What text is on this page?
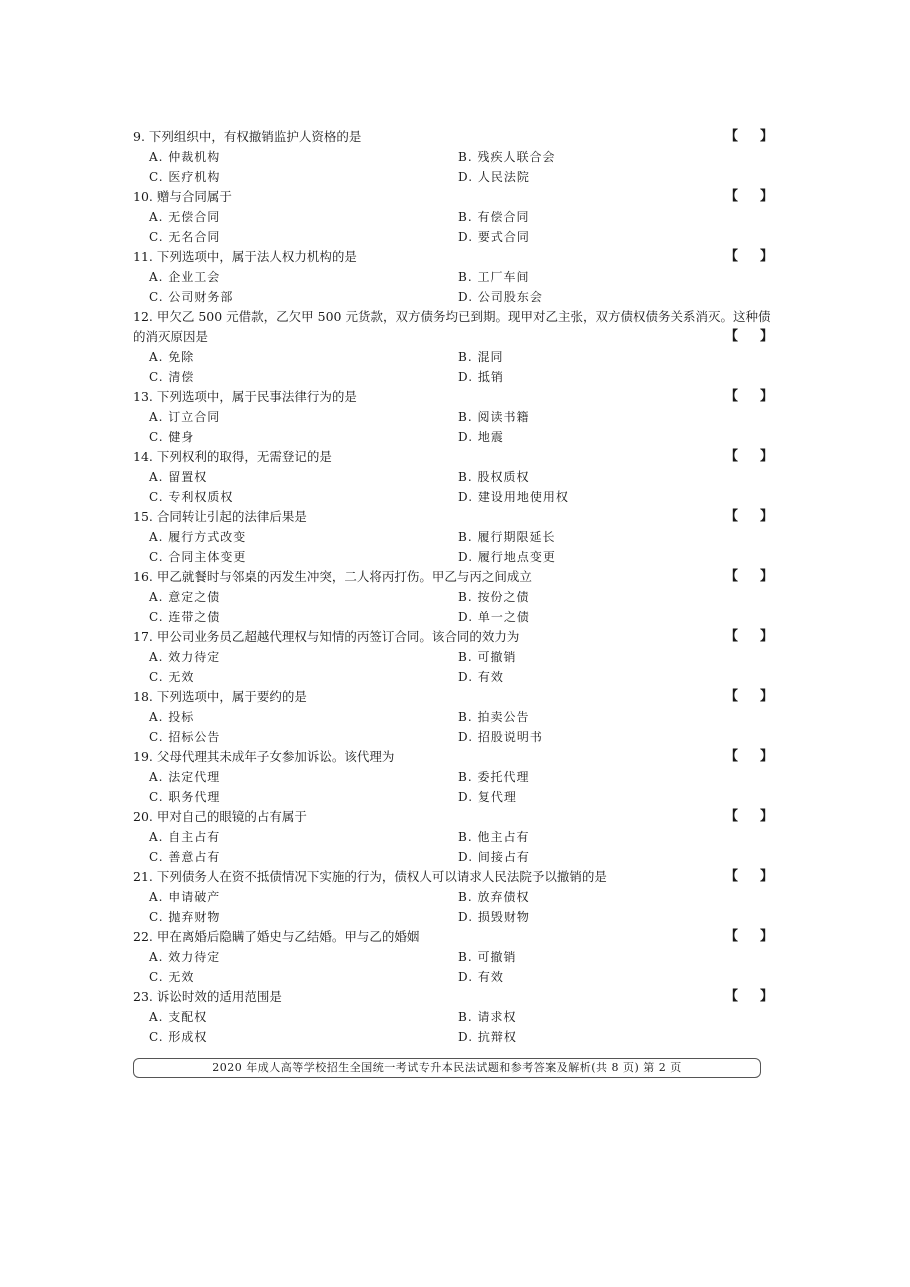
9. 下列组织中，有权撤销监护人资格的是	【 】
A. 仲裁机构	B. 残疾人联合会
C. 医疗机构	D. 人民法院
10. 赠与合同属于	【 】
A. 无偿合同	B. 有偿合同
C. 无名合同	D. 要式合同
11. 下列选项中，属于法人权力机构的是	【 】
A. 企业工会	B. 工厂车间
C. 公司财务部	D. 公司股东会
12. 甲欠乙 500 元借款，乙欠甲 500 元货款，双方债务均已到期。现甲对乙主张，双方债权债务关系消灭。这种债的消灭原因是	【 】
A. 免除	B. 混同
C. 清偿	D. 抵销
13. 下列选项中，属于民事法律行为的是	【 】
A. 订立合同	B. 阅读书籍
C. 健身	D. 地震
14. 下列权利的取得，无需登记的是	【 】
A. 留置权	B. 股权质权
C. 专利权质权	D. 建设用地使用权
15. 合同转让引起的法律后果是	【 】
A. 履行方式改变	B. 履行期限延长
C. 合同主体变更	D. 履行地点变更
16. 甲乙就餐时与邻桌的丙发生冲突，二人将丙打伤。甲乙与丙之间成立	【 】
A. 意定之债	B. 按份之债
C. 连带之债	D. 单一之债
17. 甲公司业务员乙超越代理权与知情的丙签订合同。该合同的效力为	【 】
A. 效力待定	B. 可撤销
C. 无效	D. 有效
18. 下列选项中，属于要约的是	【 】
A. 投标	B. 拍卖公告
C. 招标公告	D. 招股说明书
19. 父母代理其未成年子女参加诉讼。该代理为	【 】
A. 法定代理	B. 委托代理
C. 职务代理	D. 复代理
20. 甲对自己的眼镜的占有属于	【 】
A. 自主占有	B. 他主占有
C. 善意占有	D. 间接占有
21. 下列债务人在资不抵债情况下实施的行为，债权人可以请求人民法院予以撤销的是	【 】
A. 申请破产	B. 放弃债权
C. 抛弃财物	D. 损毁财物
22. 甲在离婚后隐瞒了婚史与乙结婚。甲与乙的婚姻	【 】
A. 效力待定	B. 可撤销
C. 无效	D. 有效
23. 诉讼时效的适用范围是	【 】
A. 支配权	B. 请求权
C. 形成权	D. 抗辩权
2020 年成人高等学校招生全国统一考试专升本民法试题和参考答案及解析(共 8 页) 第 2 页
